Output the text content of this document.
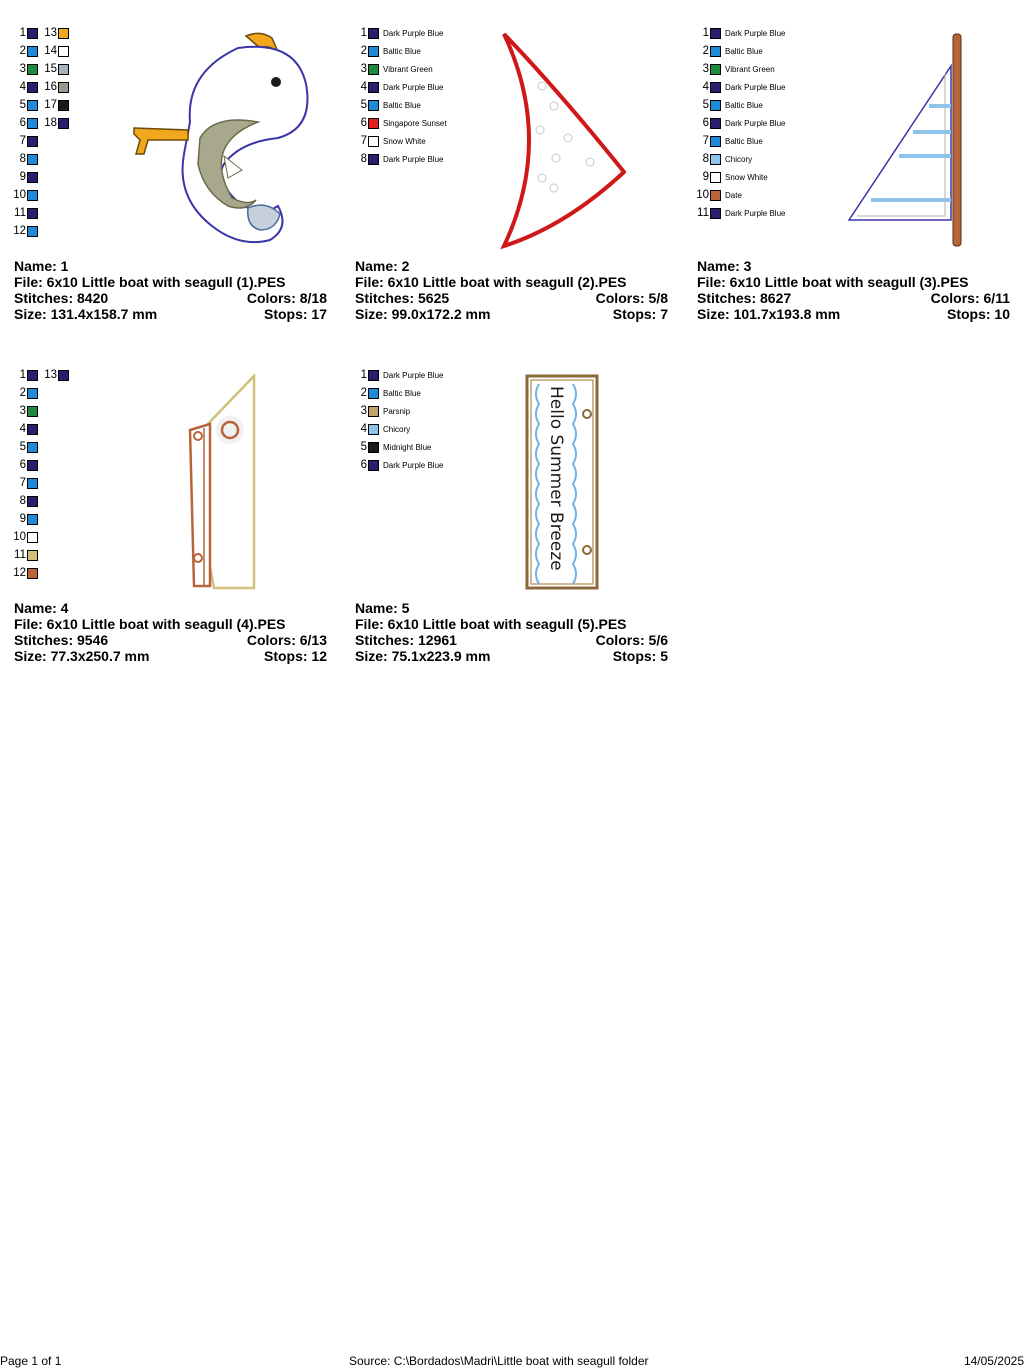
1
2
3
4
5
6
7
8
9
10
11
12
13
14
15
16
17
18
Name: 1
File: 6x10 Little boat with seagull (1).PES
Stitches: 8420	Colors: 8/18
Size: 131.4x158.7 mm	Stops: 17
1 Dark Purple Blue
2 Baltic Blue
3 Vibrant Green
4 Dark Purple Blue
5 Baltic Blue
6 Singapore Sunset
7 Snow White
8 Dark Purple Blue
Name: 2
File: 6x10 Little boat with seagull (2).PES
Stitches: 5625	Colors: 5/8
Size: 99.0x172.2 mm	Stops: 7
1 Dark Purple Blue
2 Baltic Blue
3 Vibrant Green
4 Dark Purple Blue
5 Baltic Blue
6 Dark Purple Blue
7 Baltic Blue
8 Chicory
9 Snow White
10 Date
11 Dark Purple Blue
Name: 3
File: 6x10 Little boat with seagull (3).PES
Stitches: 8627	Colors: 6/11
Size: 101.7x193.8 mm	Stops: 10
1
2
3
4
5
6
7
8
9
10
11
12
13
Name: 4
File: 6x10 Little boat with seagull (4).PES
Stitches: 9546	Colors: 6/13
Size: 77.3x250.7 mm	Stops: 12
1 Dark Purple Blue
2 Baltic Blue
3 Parsnip
4 Chicory
5 Midnight Blue
6 Dark Purple Blue	Hello Summer Breeze
Name: 5
File: 6x10 Little boat with seagull (5).PES
Stitches: 12961	Colors: 5/6
Size: 75.1x223.9 mm	Stops: 5
Page 1 of 1	Source: C:\Bordados\Madri\Little boat with seagull folder	14/05/2025
